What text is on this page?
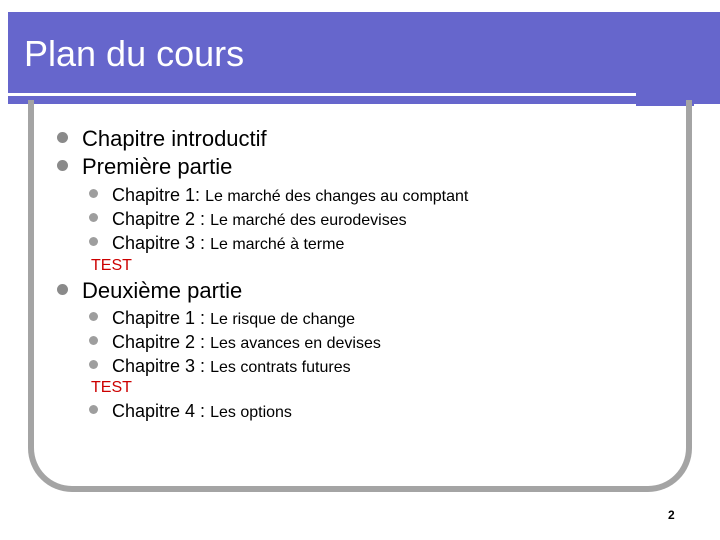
Plan du cours
Chapitre introductif
Première partie
Chapitre 1: Le marché des changes au comptant
Chapitre 2 : Le marché des eurodevises
Chapitre 3 : Le marché à terme
TEST
Deuxième partie
Chapitre 1 : Le risque de change
Chapitre 2 : Les avances en devises
Chapitre 3 : Les contrats futures
TEST
Chapitre 4 : Les options
2
